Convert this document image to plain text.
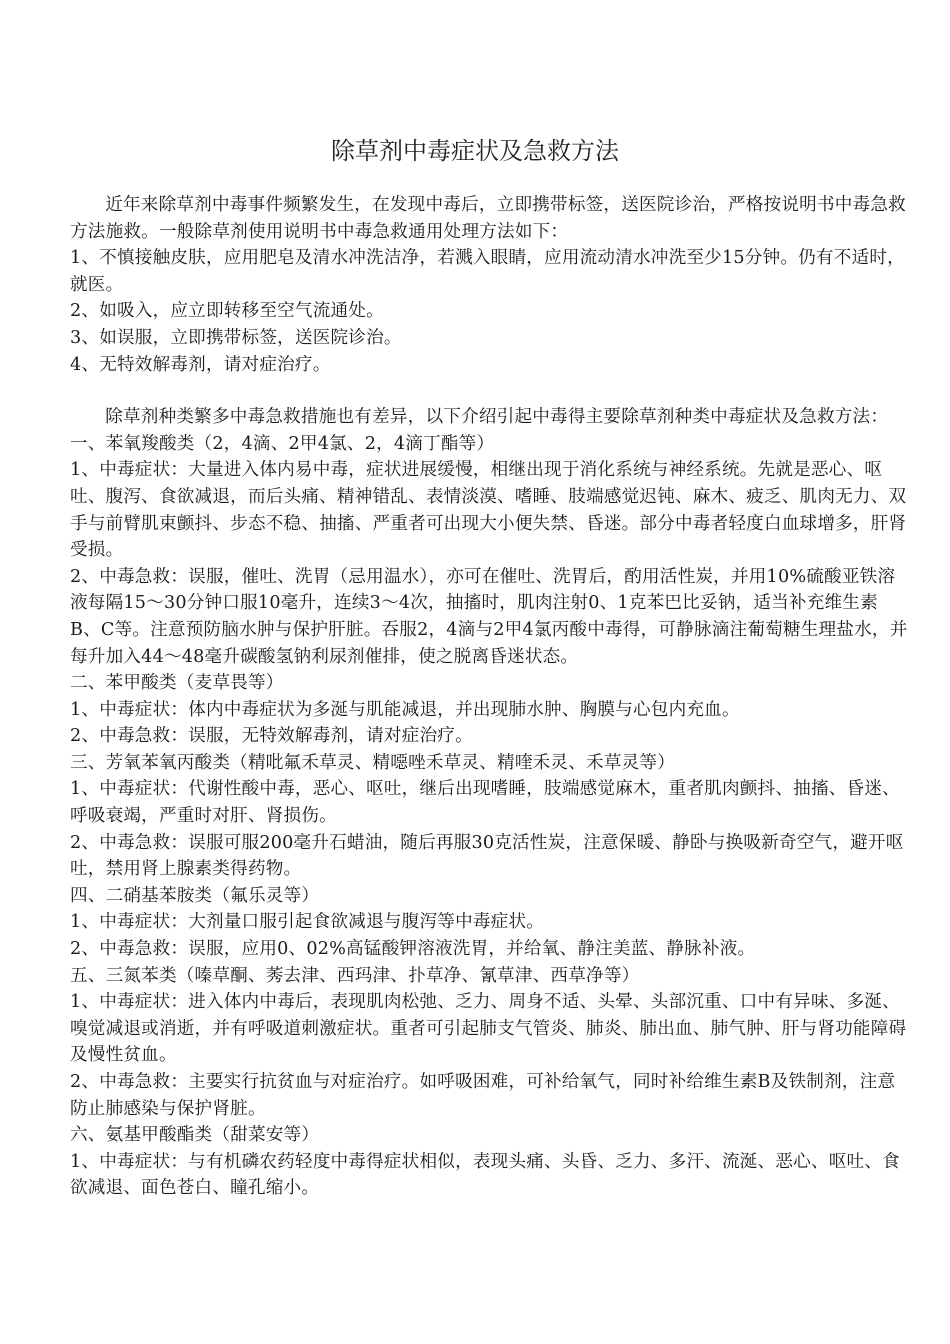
除草剂中毒症状及急救方法

近年来除草剂中毒事件频繁发生，在发现中毒后，立即携带标签，送医院诊治，严格按说明书中毒急救方法施救。一般除草剂使用说明书中毒急救通用处理方法如下：

1、不慎接触皮肤，应用肥皂及清水冲洗洁净，若溅入眼睛，应用流动清水冲洗至少15分钟。仍有不适时，就医。

2、如吸入，应立即转移至空气流通处。

3、如误服，立即携带标签，送医院诊治。

4、无特效解毒剂，请对症治疗。

除草剂种类繁多中毒急救措施也有差异，以下介绍引起中毒得主要除草剂种类中毒症状及急救方法：

一、苯氧羧酸类（2，4滴、2甲4氯、2，4滴丁酯等）

1、中毒症状：大量进入体内易中毒，症状进展缓慢，相继出现于消化系统与神经系统。先就是恶心、呕吐、腹泻、食欲减退，而后头痛、精神错乱、表情淡漠、嗜睡、肢端感觉迟钝、麻木、疲乏、肌肉无力、双手与前臂肌束颤抖、步态不稳、抽搐、严重者可出现大小便失禁、昏迷。部分中毒者轻度白血球增多，肝肾受损。

2、中毒急救：误服，催吐、洗胃（忌用温水），亦可在催吐、洗胃后，酌用活性炭，并用10%硫酸亚铁溶液每隔15～30分钟口服10毫升，连续3～4次，抽搐时，肌肉注射0、1克苯巴比妥钠，适当补充维生素B、C等。注意预防脑水肿与保护肝脏。吞服2，4滴与2甲4氯丙酸中毒得，可静脉滴注葡萄糖生理盐水，并每升加入44～48毫升碳酸氢钠利尿剂催排，使之脱离昏迷状态。

二、苯甲酸类（麦草畏等）

1、中毒症状：体内中毒症状为多涎与肌能减退，并出现肺水肿、胸膜与心包内充血。

2、中毒急救：误服，无特效解毒剂，请对症治疗。

三、芳氧苯氧丙酸类（精吡氟禾草灵、精噁唑禾草灵、精喹禾灵、禾草灵等）

1、中毒症状：代谢性酸中毒，恶心、呕吐，继后出现嗜睡，肢端感觉麻木，重者肌肉颤抖、抽搐、昏迷、呼吸衰竭，严重时对肝、肾损伤。

2、中毒急救：误服可服200毫升石蜡油，随后再服30克活性炭，注意保暖、静卧与换吸新奇空气，避开呕吐，禁用肾上腺素类得药物。

四、二硝基苯胺类（氟乐灵等）

1、中毒症状：大剂量口服引起食欲减退与腹泻等中毒症状。

2、中毒急救：误服，应用0、02%高锰酸钾溶液洗胃，并给氧、静注美蓝、静脉补液。

五、三氮苯类（嗪草酮、莠去津、西玛津、扑草净、氰草津、西草净等）

1、中毒症状：进入体内中毒后，表现肌肉松弛、乏力、周身不适、头晕、头部沉重、口中有异味、多涎、嗅觉减退或消逝，并有呼吸道刺激症状。重者可引起肺支气管炎、肺炎、肺出血、肺气肿、肝与肾功能障碍及慢性贫血。

2、中毒急救：主要实行抗贫血与对症治疗。如呼吸困难，可补给氧气，同时补给维生素B及铁制剂，注意防止肺感染与保护肾脏。

六、氨基甲酸酯类（甜菜安等）

1、中毒症状：与有机磷农药轻度中毒得症状相似，表现头痛、头昏、乏力、多汗、流涎、恶心、呕吐、食欲减退、面色苍白、瞳孔缩小。
